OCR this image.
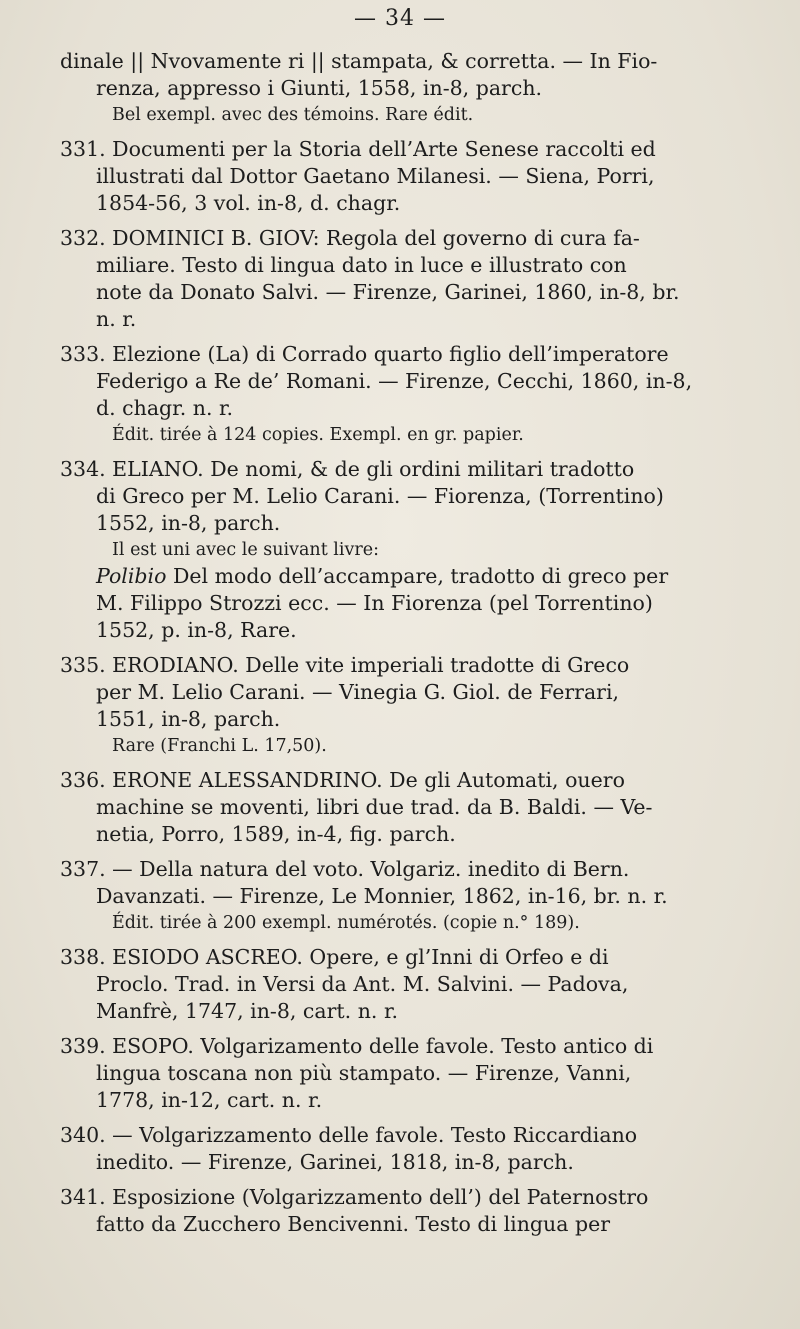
— 34 —
dinale || Nvovamente ri || stampata, & corretta. — In Fio-
renza, appresso i Giunti, 1558, in-8, parch.
Bel exempl. avec des témoins. Rare édit.
331. Documenti per la Storia dell’Arte Senese raccolti ed
illustrati dal Dottor Gaetano Milanesi. — Siena, Porri,
1854-56, 3 vol. in-8, d. chagr.
332. DOMINICI B. GIOV: Regola del governo di cura fa-
miliare. Testo di lingua dato in luce e illustrato con
note da Donato Salvi. — Firenze, Garinei, 1860, in-8, br.
n. r.
333. Elezione (La) di Corrado quarto figlio dell’imperatore
Federigo a Re de’ Romani. — Firenze, Cecchi, 1860, in-8,
d. chagr. n. r.
Édit. tirée à 124 copies. Exempl. en gr. papier.
334. ELIANO. De nomi, & de gli ordini militari tradotto
di Greco per M. Lelio Carani. — Fiorenza, (Torrentino)
1552, in-8, parch.
Il est uni avec le suivant livre:
Polibio Del modo dell’accampare, tradotto di greco per
M. Filippo Strozzi ecc. — In Fiorenza (pel Torrentino)
1552, p. in-8, Rare.
335. ERODIANO. Delle vite imperiali tradotte di Greco
per M. Lelio Carani. — Vinegia G. Giol. de Ferrari,
1551, in-8, parch.
Rare (Franchi L. 17,50).
336. ERONE ALESSANDRINO. De gli Automati, ouero
machine se moventi, libri due trad. da B. Baldi. — Ve-
netia, Porro, 1589, in-4, fig. parch.
337. — Della natura del voto. Volgariz. inedito di Bern.
Davanzati. — Firenze, Le Monnier, 1862, in-16, br. n. r.
Édit. tirée à 200 exempl. numérotés. (copie n.° 189).
338. ESIODO ASCREO. Opere, e gl’Inni di Orfeo e di
Proclo. Trad. in Versi da Ant. M. Salvini. — Padova,
Manfrè, 1747, in-8, cart. n. r.
339. ESOPO. Volgarizamento delle favole. Testo antico di
lingua toscana non più stampato. — Firenze, Vanni,
1778, in-12, cart. n. r.
340. — Volgarizzamento delle favole. Testo Riccardiano
inedito. — Firenze, Garinei, 1818, in-8, parch.
341. Esposizione (Volgarizzamento dell’) del Paternostro
fatto da Zucchero Bencivenni. Testo di lingua per
